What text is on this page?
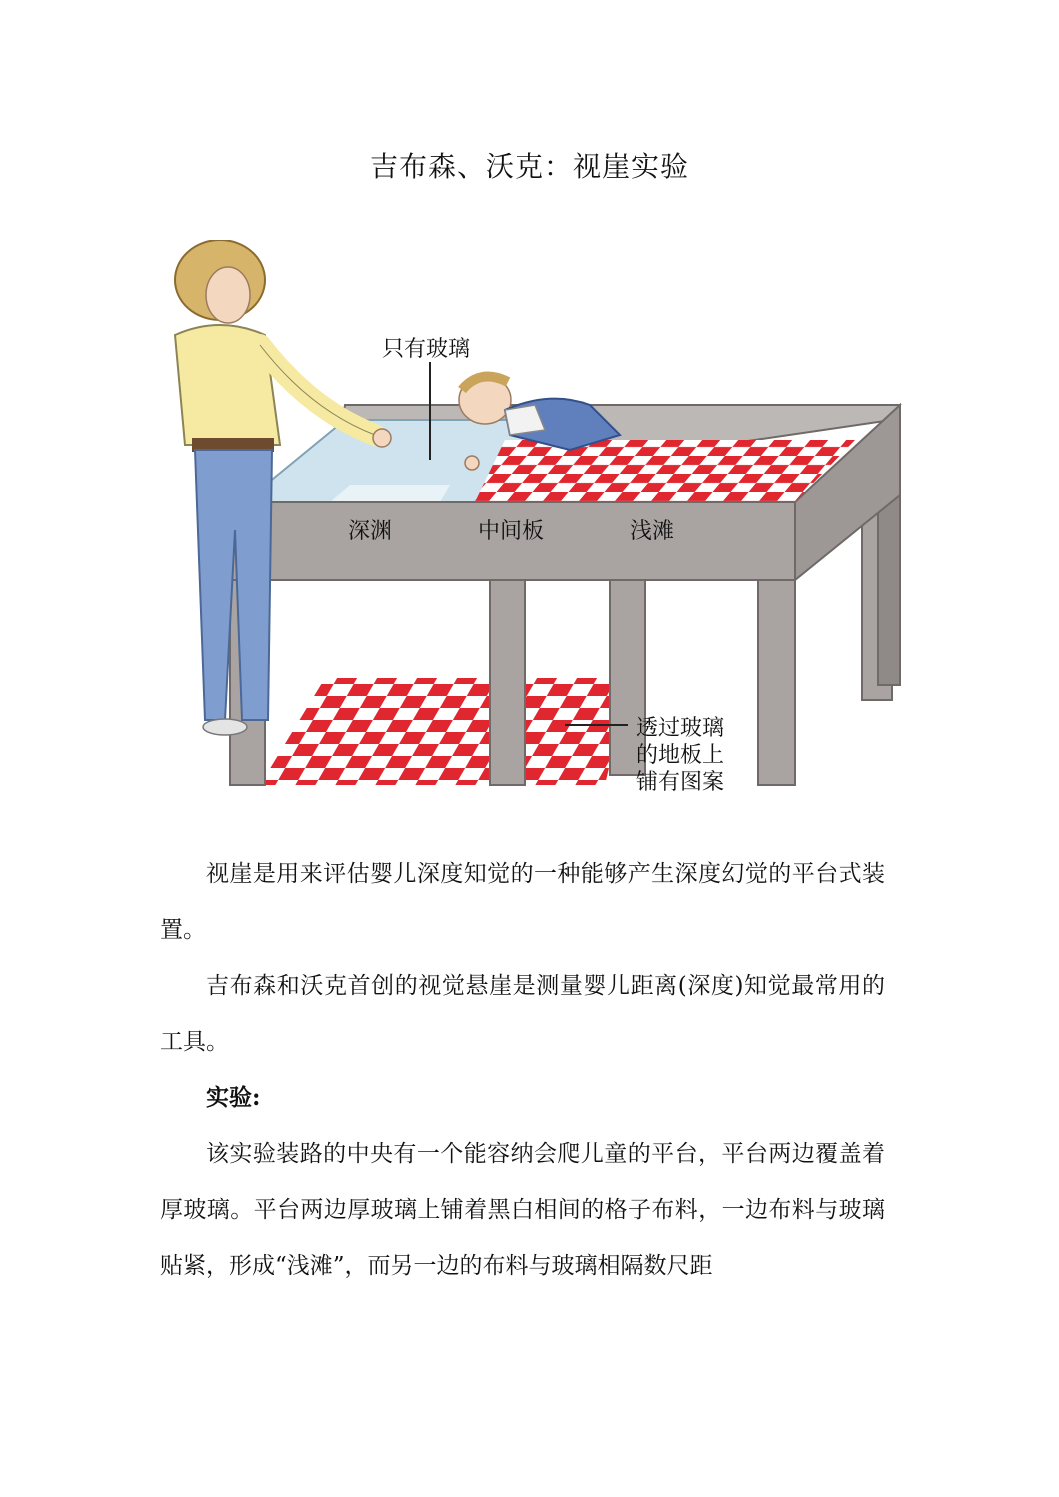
吉布森、沃克：视崖实验
只有玻璃
深渊	中间板	浅滩
透过玻璃
的地板上
铺有图案

视崖是用来评估婴儿深度知觉的一种能够产生深度幻觉的平台式装置。

吉布森和沃克首创的视觉悬崖是测量婴儿距离(深度)知觉最常用的工具。

实验:

该实验装路的中央有一个能容纳会爬儿童的平台，平台两边覆盖着厚玻璃。平台两边厚玻璃上铺着黑白相间的格子布料，一边布料与玻璃贴紧，形成“浅滩”，而另一边的布料与玻璃相隔数尺距
